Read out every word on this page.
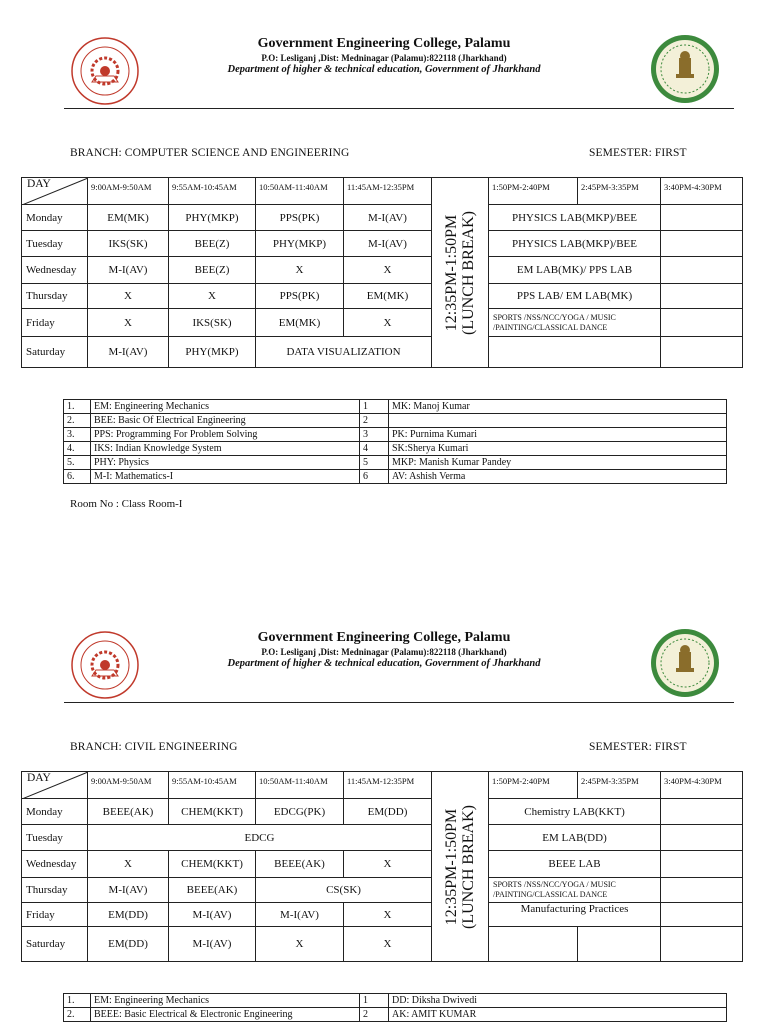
Government Engineering College, Palamu
P.O: Lesliganj ,Dist: Medninagar (Palamu):822118 (Jharkhand)
Department of higher & technical education, Government of Jharkhand
BRANCH: COMPUTER SCIENCE AND ENGINEERING	SEMESTER: FIRST
DAY	9:00AM-9:50AM	9:55AM-10:45AM	10:50AM-11:40AM	11:45AM-12:35PM	12:35PM-1:50PM (LUNCH BREAK)	1:50PM-2:40PM	2:45PM-3:35PM	3:40PM-4:30PM
Monday	EM(MK)	PHY(MKP)	PPS(PK)	M-I(AV)		PHYSICS LAB(MKP)/BEE		
Tuesday	IKS(SK)	BEE(Z)	PHY(MKP)	M-I(AV)		PHYSICS LAB(MKP)/BEE		
Wednesday	M-I(AV)	BEE(Z)	X	X		EM LAB(MK)/ PPS LAB		
Thursday	X	X	PPS(PK)	EM(MK)		PPS LAB/ EM LAB(MK)		
Friday	X	IKS(SK)	EM(MK)	X		SPORTS /NSS/NCC/YOGA / MUSIC /PAINTING/CLASSICAL DANCE		
Saturday	M-I(AV)	PHY(MKP)	DATA VISUALIZATION					
1.	EM: Engineering Mechanics	1	MK: Manoj Kumar
2.	BEE: Basic Of Electrical Engineering	2	
3.	PPS: Programming For Problem Solving	3	PK: Purnima Kumari
4.	IKS: Indian Knowledge System	4	SK:Sherya Kumari
5.	PHY: Physics	5	MKP: Manish Kumar Pandey
6.	M-I: Mathematics-I	6	AV: Ashish Verma
Room No : Class Room-I
Government Engineering College, Palamu
P.O: Lesliganj ,Dist: Medninagar (Palamu):822118 (Jharkhand)
Department of higher & technical education, Government of Jharkhand
BRANCH: CIVIL ENGINEERING	SEMESTER: FIRST
DAY	9:00AM-9:50AM	9:55AM-10:45AM	10:50AM-11:40AM	11:45AM-12:35PM	12:35PM-1:50PM (LUNCH BREAK)	1:50PM-2:40PM	2:45PM-3:35PM	3:40PM-4:30PM
Monday	BEEE(AK)	CHEM(KKT)	EDCG(PK)	EM(DD)		Chemistry LAB(KKT)		
Tuesday	EDCG					EM LAB(DD)		
Wednesday	X	CHEM(KKT)	BEEE(AK)	X		BEEE LAB		
Thursday	M-I(AV)	BEEE(AK)	CS(SK)			SPORTS /NSS/NCC/YOGA / MUSIC /PAINTING/CLASSICAL DANCE		
Friday	EM(DD)	M-I(AV)	M-I(AV)	X		Manufacturing Practices		
Saturday	EM(DD)	M-I(AV)	X	X				
1.	EM: Engineering Mechanics	1	DD: Diksha Dwivedi
2.	BEEE: Basic Electrical & Electronic Engineering	2	AK: AMIT KUMAR
